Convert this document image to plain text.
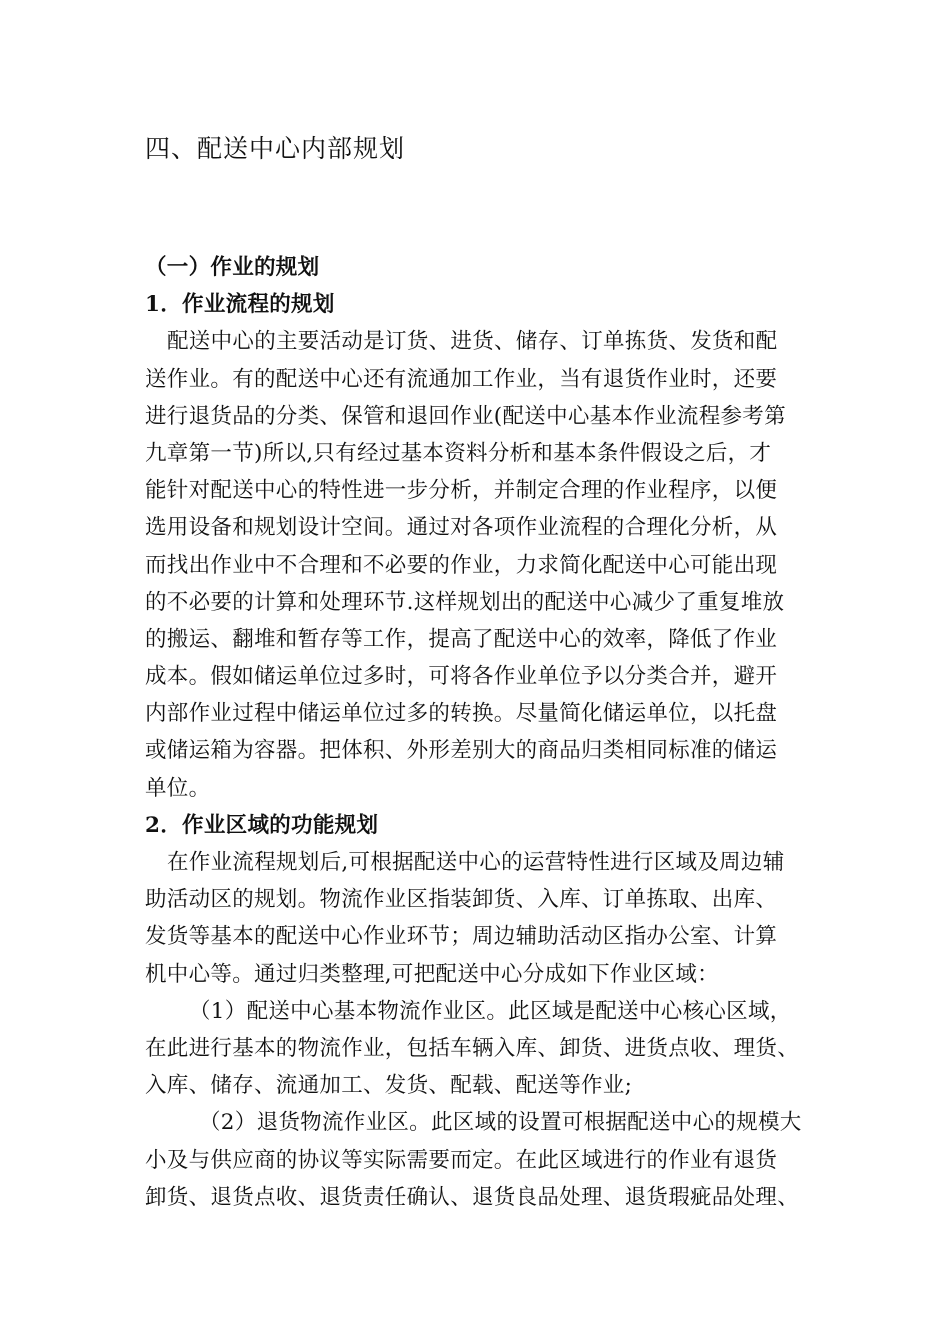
四、配送中心内部规划
（一）作业的规划
1．作业流程的规划
配送中心的主要活动是订货、进货、储存、订单拣货、发货和配
送作业。有的配送中心还有流通加工作业，当有退货作业时，还要
进行退货品的分类、保管和退回作业(配送中心基本作业流程参考第
九章第一节)所以,只有经过基本资料分析和基本条件假设之后，才
能针对配送中心的特性进一步分析，并制定合理的作业程序，以便
选用设备和规划设计空间。通过对各项作业流程的合理化分析，从
而找出作业中不合理和不必要的作业，力求简化配送中心可能出现
的不必要的计算和处理环节.这样规划出的配送中心减少了重复堆放
的搬运、翻堆和暂存等工作，提高了配送中心的效率，降低了作业
成本。假如储运单位过多时，可将各作业单位予以分类合并，避开
内部作业过程中储运单位过多的转换。尽量简化储运单位，以托盘
或储运箱为容器。把体积、外形差别大的商品归类相同标准的储运
单位。
2．作业区域的功能规划
在作业流程规划后,可根据配送中心的运营特性进行区域及周边辅
助活动区的规划。物流作业区指装卸货、入库、订单拣取、出库、
发货等基本的配送中心作业环节；周边辅助活动区指办公室、计算
机中心等。通过归类整理,可把配送中心分成如下作业区域：
（1）配送中心基本物流作业区。此区域是配送中心核心区域，
在此进行基本的物流作业，包括车辆入库、卸货、进货点收、理货、
入库、储存、流通加工、发货、配载、配送等作业;
（2）退货物流作业区。此区域的设置可根据配送中心的规模大
小及与供应商的协议等实际需要而定。在此区域进行的作业有退货
卸货、退货点收、退货责任确认、退货良品处理、退货瑕疵品处理、
